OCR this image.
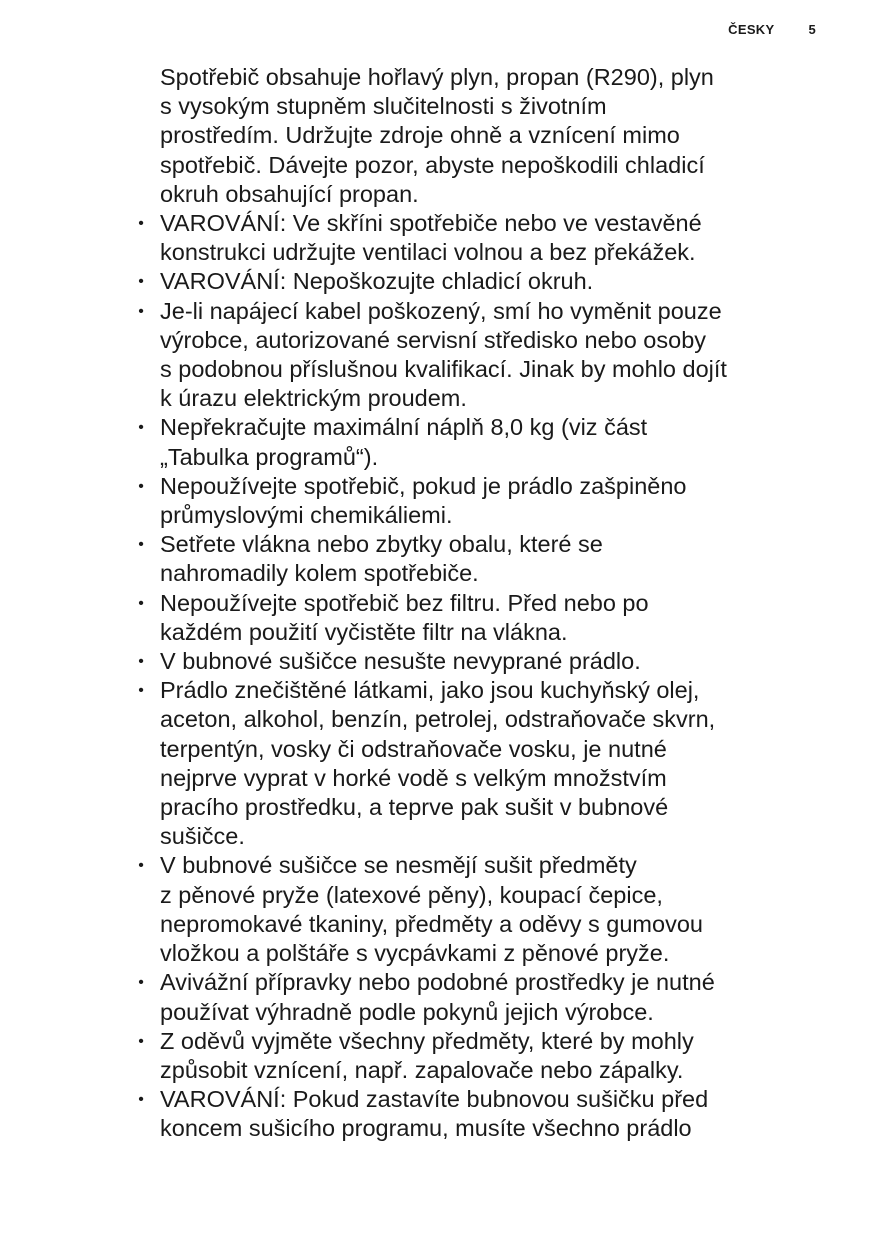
ČESKY	5
Spotřebič obsahuje hořlavý plyn, propan (R290), plyn
s vysokým stupněm slučitelnosti s životním
prostředím. Udržujte zdroje ohně a vznícení mimo
spotřebič. Dávejte pozor, abyste nepoškodili chladicí
okruh obsahující propan.
• VAROVÁNÍ: Ve skříni spotřebiče nebo ve vestavěné
konstrukci udržujte ventilaci volnou a bez překážek.
• VAROVÁNÍ: Nepoškozujte chladicí okruh.
• Je-li napájecí kabel poškozený, smí ho vyměnit pouze
výrobce, autorizované servisní středisko nebo osoby
s podobnou příslušnou kvalifikací. Jinak by mohlo dojít
k úrazu elektrickým proudem.
• Nepřekračujte maximální náplň 8,0 kg (viz část
„Tabulka programů“).
• Nepoužívejte spotřebič, pokud je prádlo zašpiněno
průmyslovými chemikáliemi.
• Setřete vlákna nebo zbytky obalu, které se
nahromadily kolem spotřebiče.
• Nepoužívejte spotřebič bez filtru. Před nebo po
každém použití vyčistěte filtr na vlákna.
• V bubnové sušičce nesušte nevyprané prádlo.
• Prádlo znečištěné látkami, jako jsou kuchyňský olej,
aceton, alkohol, benzín, petrolej, odstraňovače skvrn,
terpentýn, vosky či odstraňovače vosku, je nutné
nejprve vyprat v horké vodě s velkým množstvím
pracího prostředku, a teprve pak sušit v bubnové
sušičce.
• V bubnové sušičce se nesmějí sušit předměty
z pěnové pryže (latexové pěny), koupací čepice,
nepromokavé tkaniny, předměty a oděvy s gumovou
vložkou a polštáře s vycpávkami z pěnové pryže.
• Avivážní přípravky nebo podobné prostředky je nutné
používat výhradně podle pokynů jejich výrobce.
• Z oděvů vyjměte všechny předměty, které by mohly
způsobit vznícení, např. zapalovače nebo zápalky.
• VAROVÁNÍ: Pokud zastavíte bubnovou sušičku před
koncem sušicího programu, musíte všechno prádlo
